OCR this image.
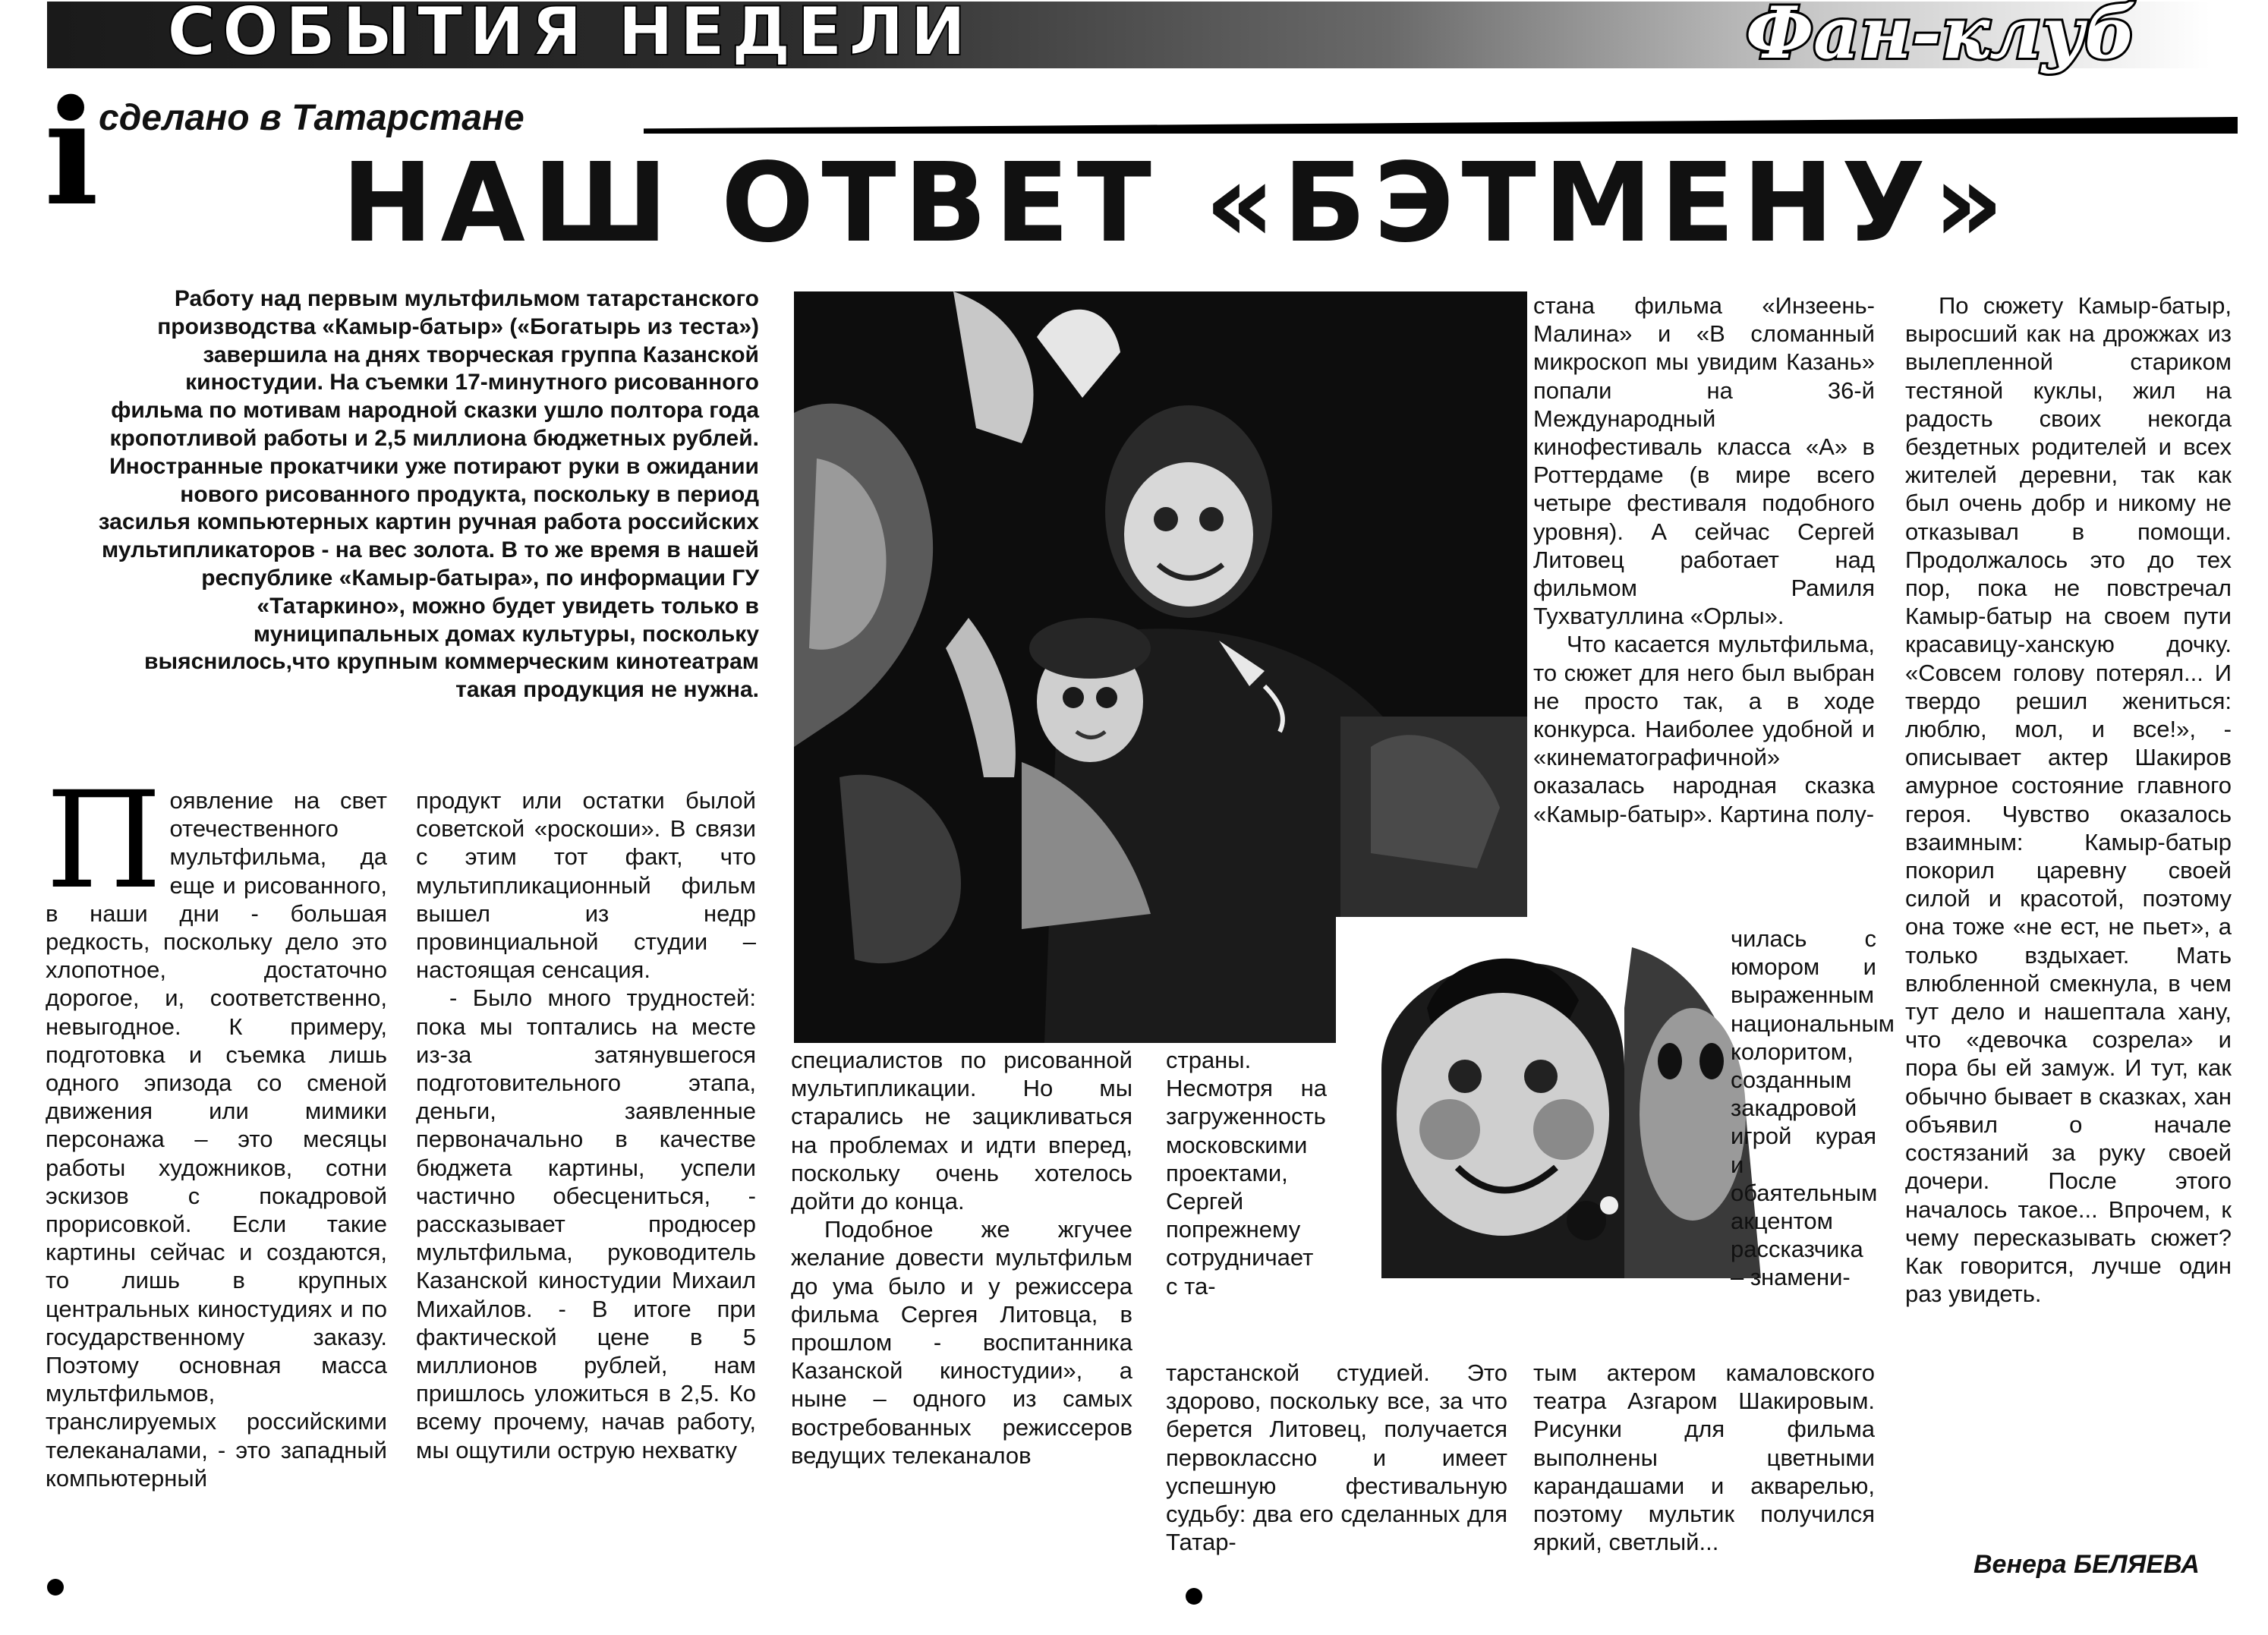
СОБЫТИЯ НЕДЕЛИ	Фан-клуб
i сделано в Татарстане
НАШ ОТВЕТ «БЭТМЕНУ»
Работу над первым мультфильмом татарстанского производства «Камыр-батыр» («Богатырь из теста») завершила на днях творческая группа Казанской киностудии. На съемки 17-минутного рисованного фильма по мотивам народной сказки ушло полтора года кропотливой работы и 2,5 миллиона бюджетных рублей. Иностранные прокатчики уже потирают руки в ожидании нового рисованного продукта, поскольку в период засилья компьютерных картин ручная работа российских мультипликаторов - на вес золота. В то же время в нашей республике «Камыр-батыра», по информации ГУ «Татаркино», можно будет увидеть только в муниципальных домах культуры, поскольку выяснилось,что крупным коммерческим кинотеатрам такая продукция не нужна.
Появление на свет отечественного мультфильма, да еще и рисованного, в наши дни - большая редкость, поскольку дело это хлопотное, достаточно дорогое, и, соответственно, невыгодное. К примеру, подготовка и съемка лишь одного эпизода со сменой движения или мимики персонажа – это месяцы работы художников, сотни эскизов с покадровой прорисовкой. Если такие картины сейчас и создаются, то лишь в крупных центральных киностудиях и по государственному заказу. Поэтому основная масса мультфильмов, транслируемых российскими телеканалами, - это западный компьютерный
продукт или остатки былой советской «роскоши». В связи с этим тот факт, что мультипликационный фильм вышел из недр провинциальной студии – настоящая сенсация.
- Было много трудностей: пока мы топтались на месте из-за затянувшегося подготовительного этапа, деньги, заявленные первоначально в качестве бюджета картины, успели частично обесцениться, - рассказывает продюсер мультфильма, руководитель Казанской киностудии Михаил Михайлов. - В итоге при фактической цене в 5 миллионов рублей, нам пришлось уложиться в 2,5. Ко всему прочему, начав работу, мы ощутили острую нехватку
специалистов по рисованной мультипликации. Но мы старались не зацикливаться на проблемах и идти вперед, поскольку очень хотелось дойти до конца.
Подобное же жгучее желание довести мультфильм до ума было и у режиссера фильма Сергея Литовца, в прошлом - воспитанника Казанской киностудии», а ныне – одного из самых востребованных режиссеров ведущих телеканалов
страны. Несмотря на загруженность московскими проектами, Сергей попрежнему сотрудничает с та-
тарстанской студией. Это здорово, поскольку все, за что берется Литовец, получается первоклассно и имеет успешную фестивальную судьбу: два его сделанных для Татар-
стана фильма «Инзеень-Малина» и «В сломанный микроскоп мы увидим Казань» попали на 36-й Международный кинофестиваль класса «А» в Роттердаме (в мире всего четыре фестиваля подобного уровня). А сейчас Сергей Литовец работает над фильмом Рамиля Тухватуллина «Орлы».
Что касается мультфильма, то сюжет для него был выбран не просто так, а в ходе конкурса. Наиболее удобной и «кинематографичной» оказалась народная сказка «Камыр-батыр». Картина полу-
чилась с юмором и выраженным национальным колоритом, созданным закадровой игрой курая и обаятельным акцентом рассказчика – знамени-
тым актером камаловского театра Азгаром Шакировым. Рисунки для фильма выполнены цветными карандашами и акварелью, поэтому мультик получился яркий, светлый...
По сюжету Камыр-батыр, выросший как на дрожжах из вылепленной стариком тестяной куклы, жил на радость своих некогда бездетных родителей и всех жителей деревни, так как был очень добр и никому не отказывал в помощи. Продолжалось это до тех пор, пока не повстречал Камыр-батыр на своем пути красавицу-ханскую дочку. «Совсем голову потерял... И твердо решил жениться: люблю, мол, и все!», - описывает актер Шакиров амурное состояние главного героя. Чувство оказалось взаимным: Камыр-батыр покорил царевну своей силой и красотой, поэтому она тоже «не ест, не пьет», а только вздыхает. Мать влюбленной смекнула, в чем тут дело и нашептала хану, что «девочка созрела» и пора бы ей замуж. И тут, как обычно бывает в сказках, хан объявил о начале состязаний за руку своей дочери. После этого началось такое... Впрочем, к чему пересказывать сюжет? Как говорится, лучше один раз увидеть.
Венера БЕЛЯЕВА
